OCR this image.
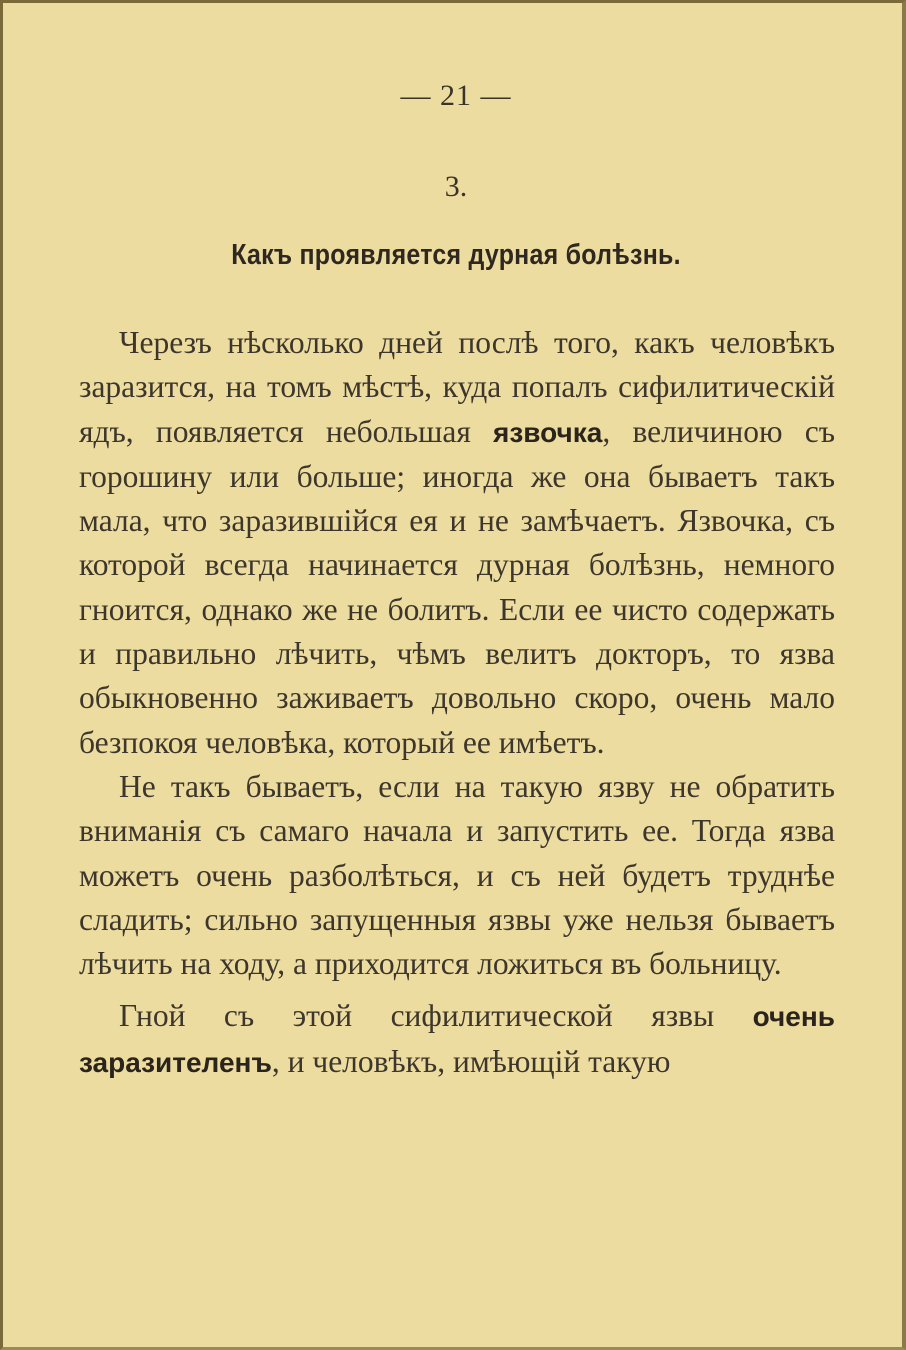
— 21 —
3.
Какъ проявляется дурная болѣзнь.

Черезъ нѣсколько дней послѣ того, какъ человѣкъ заразится, на томъ мѣстѣ, куда попалъ сифилитическій ядъ, появляется небольшая язвочка, величиною съ горошину или больше; иногда же она бываетъ такъ мала, что заразившійся ея и не замѣчаетъ. Язвочка, съ которой всегда начинается дурная болѣзнь, немного гноится, однако же не болитъ. Если ее чисто содержать и правильно лѣчить, чѣмъ велитъ докторъ, то язва обыкновенно заживаетъ довольно скоро, очень мало безпокоя человѣка, который ее имѣетъ.

Не такъ бываетъ, если на такую язву не обратить вниманія съ самаго начала и запустить ее. Тогда язва можетъ очень разболѣться, и съ ней будетъ труднѣе сладить; сильно запущенныя язвы уже нельзя бываетъ лѣчить на ходу, а приходится ложиться въ больницу.

Гной съ этой сифилитической язвы очень заразителенъ, и человѣкъ, имѣющій такую
